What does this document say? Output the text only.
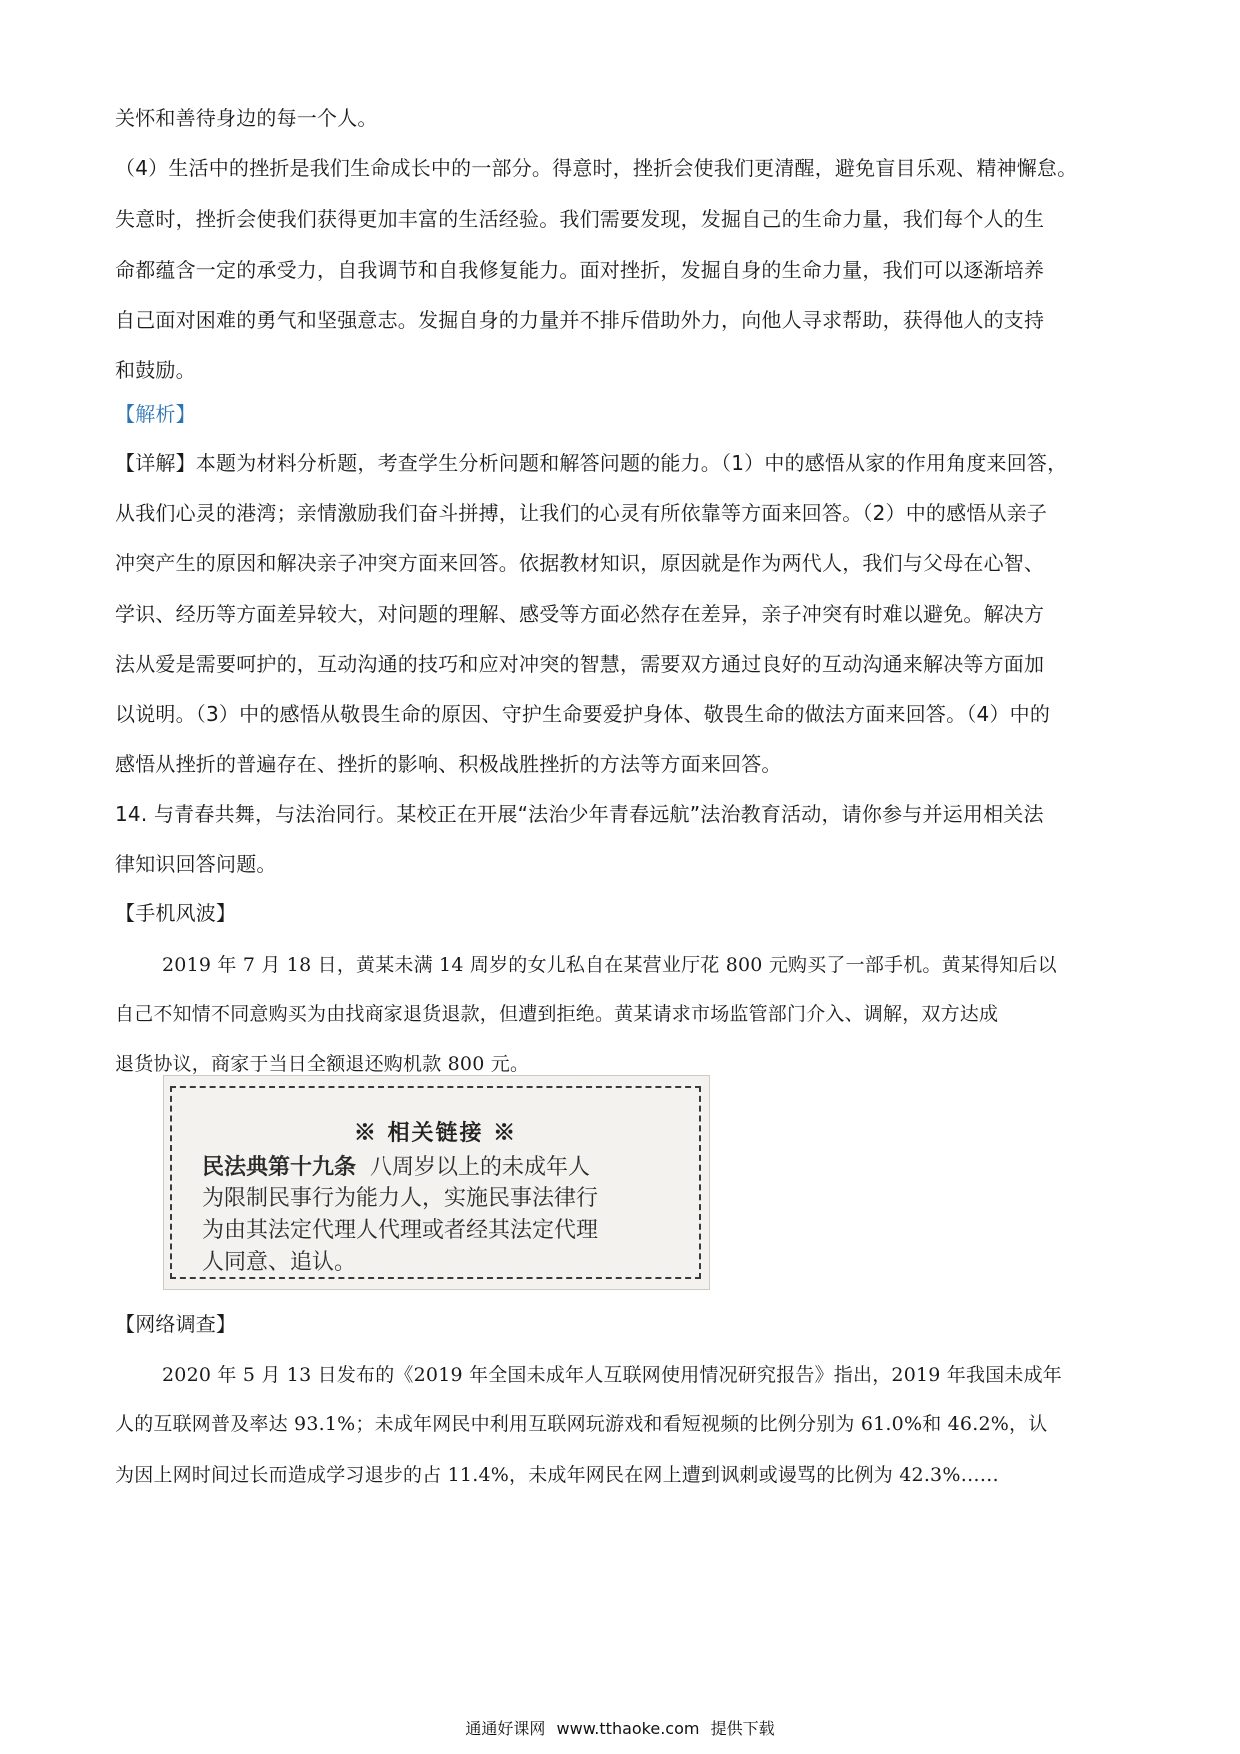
关怀和善待身边的每一个人。
（4）生活中的挫折是我们生命成长中的一部分。得意时，挫折会使我们更清醒，避免盲目乐观、精神懈怠。
失意时，挫折会使我们获得更加丰富的生活经验。我们需要发现，发掘自己的生命力量，我们每个人的生
命都蕴含一定的承受力，自我调节和自我修复能力。面对挫折，发掘自身的生命力量，我们可以逐渐培养
自己面对困难的勇气和坚强意志。发掘自身的力量并不排斥借助外力，向他人寻求帮助，获得他人的支持
和鼓励。
【解析】
【详解】本题为材料分析题，考查学生分析问题和解答问题的能力。（1）中的感悟从家的作用角度来回答，
从我们心灵的港湾；亲情激励我们奋斗拼搏，让我们的心灵有所依靠等方面来回答。（2）中的感悟从亲子
冲突产生的原因和解决亲子冲突方面来回答。依据教材知识，原因就是作为两代人，我们与父母在心智、
学识、经历等方面差异较大，对问题的理解、感受等方面必然存在差异，亲子冲突有时难以避免。解决方
法从爱是需要呵护的，互动沟通的技巧和应对冲突的智慧，需要双方通过良好的互动沟通来解决等方面加
以说明。（3）中的感悟从敬畏生命的原因、守护生命要爱护身体、敬畏生命的做法方面来回答。（4）中的
感悟从挫折的普遍存在、挫折的影响、积极战胜挫折的方法等方面来回答。
14. 与青春共舞，与法治同行。某校正在开展“法治少年青春远航”法治教育活动，请你参与并运用相关法
律知识回答问题。
【手机风波】
2019 年 7 月 18 日，黄某未满 14 周岁的女儿私自在某营业厅花 800 元购买了一部手机。黄某得知后以
自己不知情不同意购买为由找商家退货退款，但遭到拒绝。黄某请求市场监管部门介入、调解，双方达成
退货协议，商家于当日全额退还购机款 800 元。
※ 相关链接 ※
民法典第十九条 八周岁以上的未成年人
为限制民事行为能力人，实施民事法律行
为由其法定代理人代理或者经其法定代理
人同意、追认。
【网络调查】
2020 年 5 月 13 日发布的《2019 年全国未成年人互联网使用情况研究报告》指出，2019 年我国未成年
人的互联网普及率达 93.1%；未成年网民中利用互联网玩游戏和看短视频的比例分别为 61.0%和 46.2%，认
为因上网时间过长而造成学习退步的占 11.4%，未成年网民在网上遭到讽刺或谩骂的比例为 42.3%……
通通好课网 www.tthaoke.com 提供下载
